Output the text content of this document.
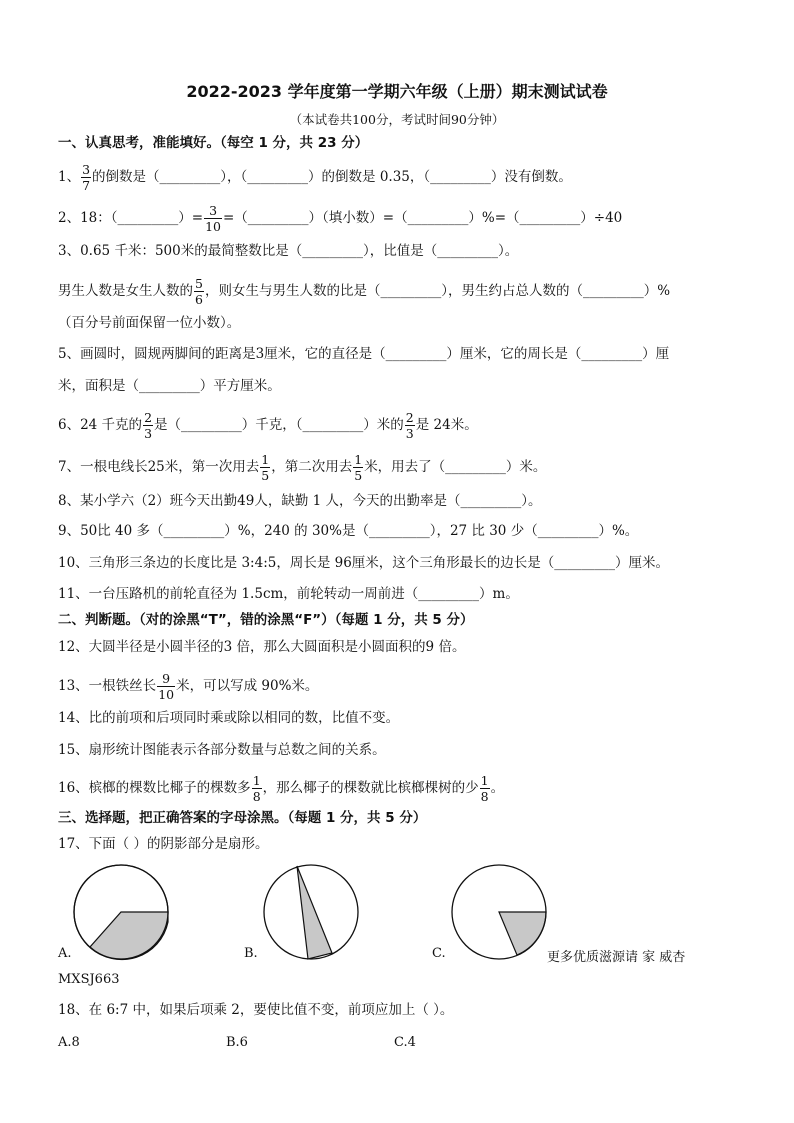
2022-2023 学年度第一学期六年级（上册）期末测试试卷
（本试卷共100分，考试时间90分钟）
一、认真思考，准能填好。（每空 1 分，共 23 分）
1、 $\frac{3}{7}$ 的倒数是（_________），（_________）的倒数是 0.35，（_________）没有倒数。
2、18：（_________）= $\frac{3}{10}$ =（_________）（填小数）=（_________）%=（_________）÷40
3、0.65 千米：500米的最简整数比是（_________），比值是（_________）。
男生人数是女生人数的 $\frac{5}{6}$ ，则女生与男生人数的比是（_________），男生约占总人数的（_________）%
（百分号前面保留一位小数）。
5、画圆时，圆规两脚间的距离是3厘米，它的直径是（_________）厘米，它的周长是（_________）厘
米，面积是（_________）平方厘米。
6、24 千克的 $\frac{2}{3}$ 是（_________）千克，（_________）米的 $\frac{2}{3}$ 是 24米。
7、一根电线长25米，第一次用去 $\frac{1}{5}$ ，第二次用去 $\frac{1}{5}$ 米，用去了（_________）米。
8、某小学六（2）班今天出勤49人，缺勤 1 人，今天的出勤率是（_________）。
9、50比 40 多（_________）%，240 的 30%是（_________），27 比 30 少（_________）%。
10、三角形三条边的长度比是 3:4:5，周长是 96厘米，这个三角形最长的边长是（_________）厘米。
11、一台压路机的前轮直径为 1.5cm，前轮转动一周前进（_________）m。
二、判断题。（对的涂黑“T”，错的涂黑“F”）（每题 1 分，共 5 分）
12、大圆半径是小圆半径的3 倍，那么大圆面积是小圆面积的9 倍。
13、一根铁丝长 $\frac{9}{10}$ 米，可以写成 90%米。
14、比的前项和后项同时乘或除以相同的数，比值不变。
15、扇形统计图能表示各部分数量与总数之间的关系。
16、槟榔的棵数比椰子的棵数多 $\frac{1}{8}$ ，那么椰子的棵数就比槟榔棵树的少 $\frac{1}{8}$ 。
三、选择题，把正确答案的字母涂黑。（每题 1 分，共 5 分）
17、下面（ ）的阴影部分是扇形。
A.	B.	C.	更多优质滋源请 家 威杏
MXSJ663
18、在 6:7 中，如果后项乘 2，要使比值不变，前项应加上（ ）。
A.8	B.6	C.4
